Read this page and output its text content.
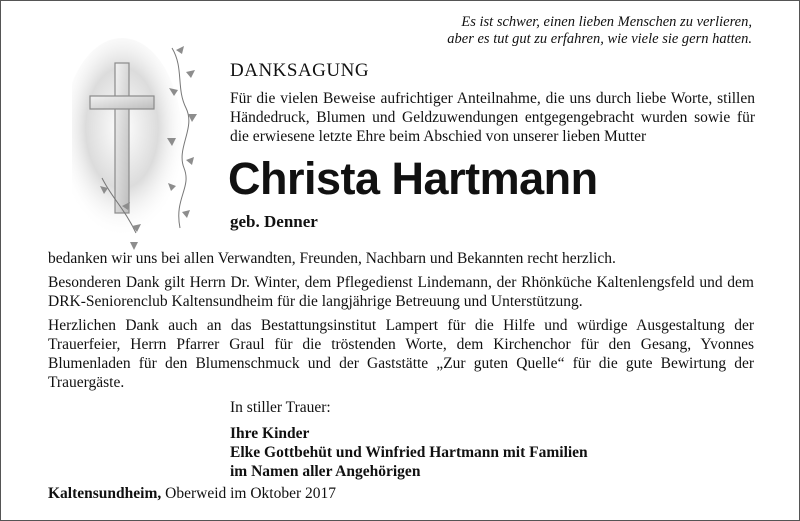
Es ist schwer, einen lieben Menschen zu verlieren,
aber es tut gut zu erfahren, wie viele sie gern hatten.
DANKSAGUNG
Für die vielen Beweise aufrichtiger Anteilnahme, die uns durch liebe Worte, stillen Händedruck, Blumen und Geldzuwendungen entgegengebracht wurden sowie für die erwiesene letzte Ehre beim Abschied von unserer lieben Mutter
Christa Hartmann
geb. Denner

bedanken wir uns bei allen Verwandten, Freunden, Nachbarn und Bekannten recht herzlich.

Besonderen Dank gilt Herrn Dr. Winter, dem Pflegedienst Lindemann, der Rhönküche Kaltenlengsfeld und dem DRK-Seniorenclub Kaltensundheim für die langjährige Betreuung und Unterstützung.

Herzlichen Dank auch an das Bestattungsinstitut Lampert für die Hilfe und würdige Ausgestaltung der Trauerfeier, Herrn Pfarrer Graul für die tröstenden Worte, dem Kirchenchor für den Gesang, Yvonnes Blumenladen für den Blumenschmuck und der Gaststätte „Zur guten Quelle“ für die gute Bewirtung der Trauergäste.

In stiller Trauer:
Ihre Kinder
Elke Gottbehüt und Winfried Hartmann mit Familien
im Namen aller Angehörigen
Kaltensundheim, Oberweid im Oktober 2017
